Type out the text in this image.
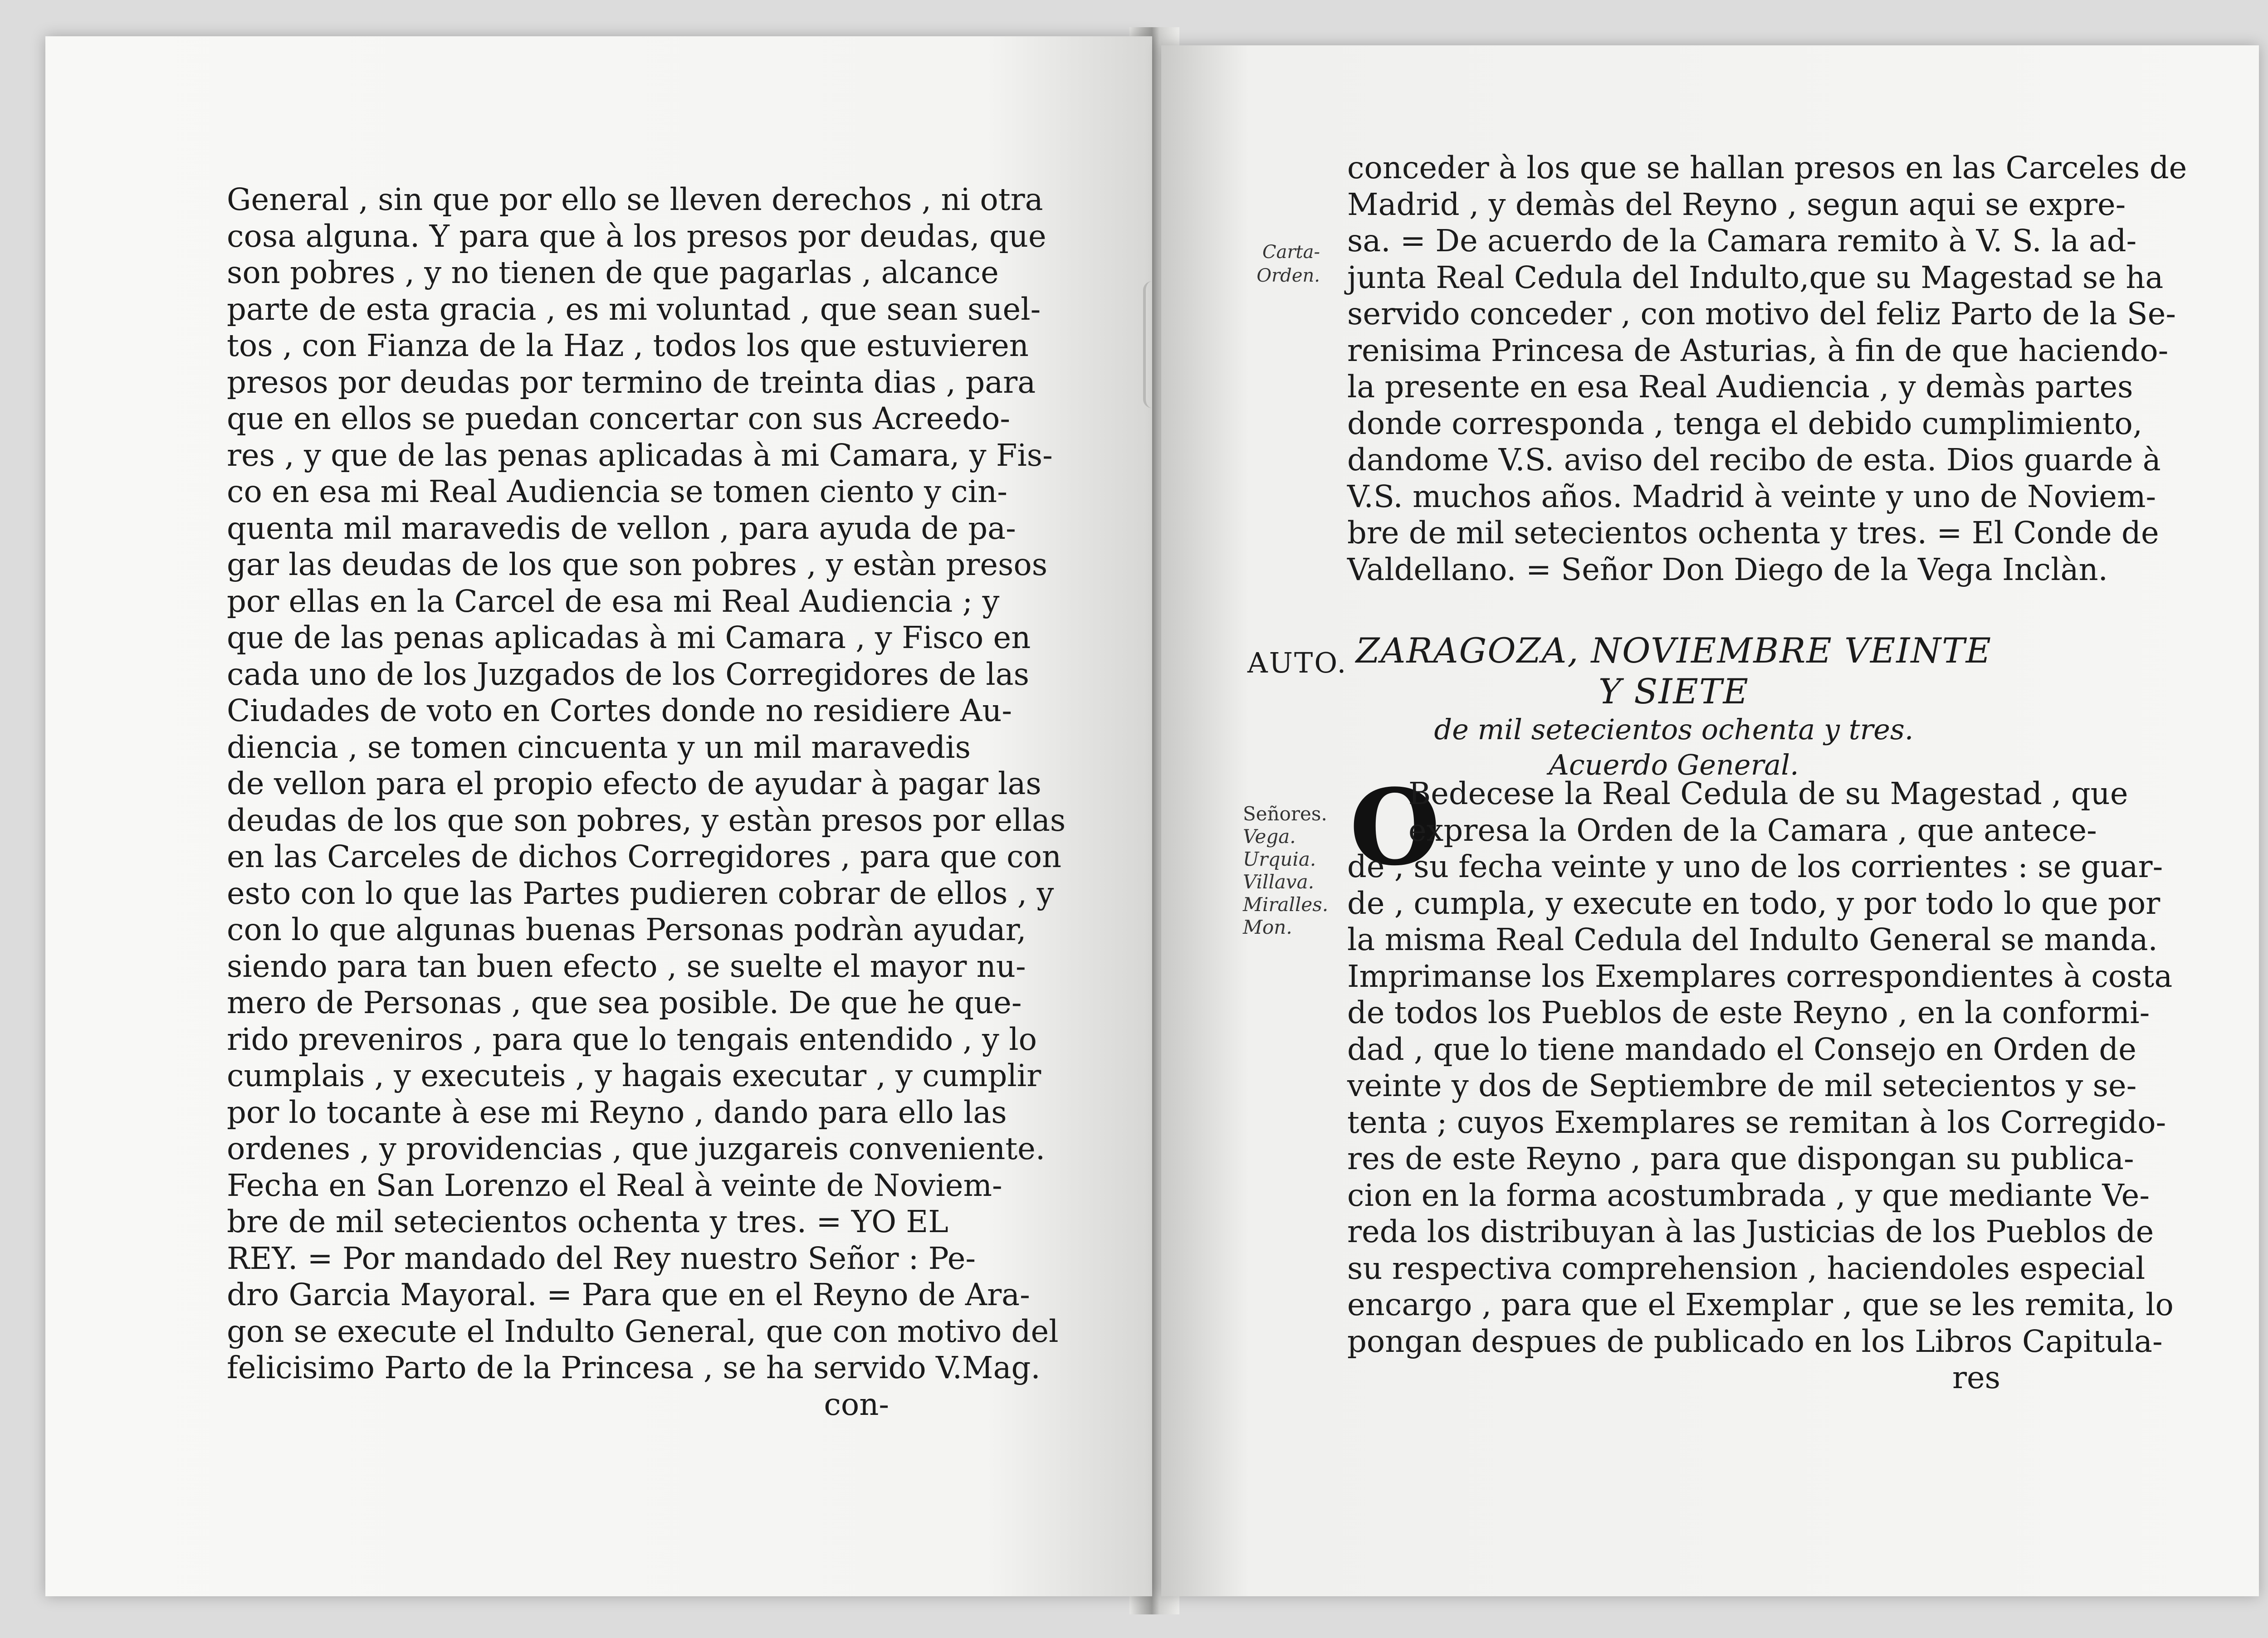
General , sin que por ello se lleven derechos , ni otra
cosa alguna. Y para que à los presos por deudas, que
son pobres , y no tienen de que pagarlas , alcance
parte de esta gracia , es mi voluntad , que sean suel-
tos , con Fianza de la Haz , todos los que estuvieren
presos por deudas por termino de treinta dias , para
que en ellos se puedan concertar con sus Acreedo-
res , y que de las penas aplicadas à mi Camara, y Fis-
co en esa mi Real Audiencia se tomen ciento y cin-
quenta mil maravedis de vellon , para ayuda de pa-
gar las deudas de los que son pobres , y estàn presos
por ellas en la Carcel de esa mi Real Audiencia ; y
que de las penas aplicadas à mi Camara , y Fisco en
cada uno de los Juzgados de los Corregidores de las
Ciudades de voto en Cortes donde no residiere Au-
diencia , se tomen cincuenta y un mil maravedis
de vellon para el propio efecto de ayudar à pagar las
deudas de los que son pobres, y estàn presos por ellas
en las Carceles de dichos Corregidores , para que con
esto con lo que las Partes pudieren cobrar de ellos , y
con lo que algunas buenas Personas podràn ayudar,
siendo para tan buen efecto , se suelte el mayor nu-
mero de Personas , que sea posible. De que he que-
rido preveniros , para que lo tengais entendido , y lo
cumplais , y executeis , y hagais executar , y cumplir
por lo tocante à ese mi Reyno , dando para ello las
ordenes , y providencias , que juzgareis conveniente.
Fecha en San Lorenzo el Real à veinte de Noviem-
bre de mil setecientos ochenta y tres. = YO EL
REY. = Por mandado del Rey nuestro Señor : Pe-
dro Garcia Mayoral. = Para que en el Reyno de Ara-
gon se execute el Indulto General, que con motivo del
felicisimo Parto de la Princesa , se ha servido V.Mag.
con-
Carta-
Orden.
conceder à los que se hallan presos en las Carceles de
Madrid , y demàs del Reyno , segun aqui se expre-
sa. = De acuerdo de la Camara remito à V. S. la ad-
junta Real Cedula del Indulto,que su Magestad se ha
servido conceder , con motivo del feliz Parto de la Se-
renisima Princesa de Asturias, à fin de que haciendo-
la presente en esa Real Audiencia , y demàs partes
donde corresponda , tenga el debido cumplimiento,
dandome V.S. aviso del recibo de esta. Dios guarde à
V.S. muchos años. Madrid à veinte y uno de Noviem-
bre de mil setecientos ochenta y tres. = El Conde de
Valdellano. = Señor Don Diego de la Vega Inclàn.
AUTO. ZARAGOZA, NOVIEMBRE VEINTE Y SIETE
de mil setecientos ochenta y tres.
Acuerdo General.
Señores.
Vega.
Urquia.
Villava.
Miralles.
Mon.
O
Bedecese la Real Cedula de su Magestad , que
expresa la Orden de la Camara , que antece-
de , su fecha veinte y uno de los corrientes : se guar-
de , cumpla, y execute en todo, y por todo lo que por
la misma Real Cedula del Indulto General se manda.
Imprimanse los Exemplares correspondientes à costa
de todos los Pueblos de este Reyno , en la conformi-
dad , que lo tiene mandado el Consejo en Orden de
veinte y dos de Septiembre de mil setecientos y se-
tenta ; cuyos Exemplares se remitan à los Corregido-
res de este Reyno , para que dispongan su publica-
cion en la forma acostumbrada , y que mediante Ve-
reda los distribuyan à las Justicias de los Pueblos de
su respectiva comprehension , haciendoles especial
encargo , para que el Exemplar , que se les remita, lo
pongan despues de publicado en los Libros Capitula-
res
